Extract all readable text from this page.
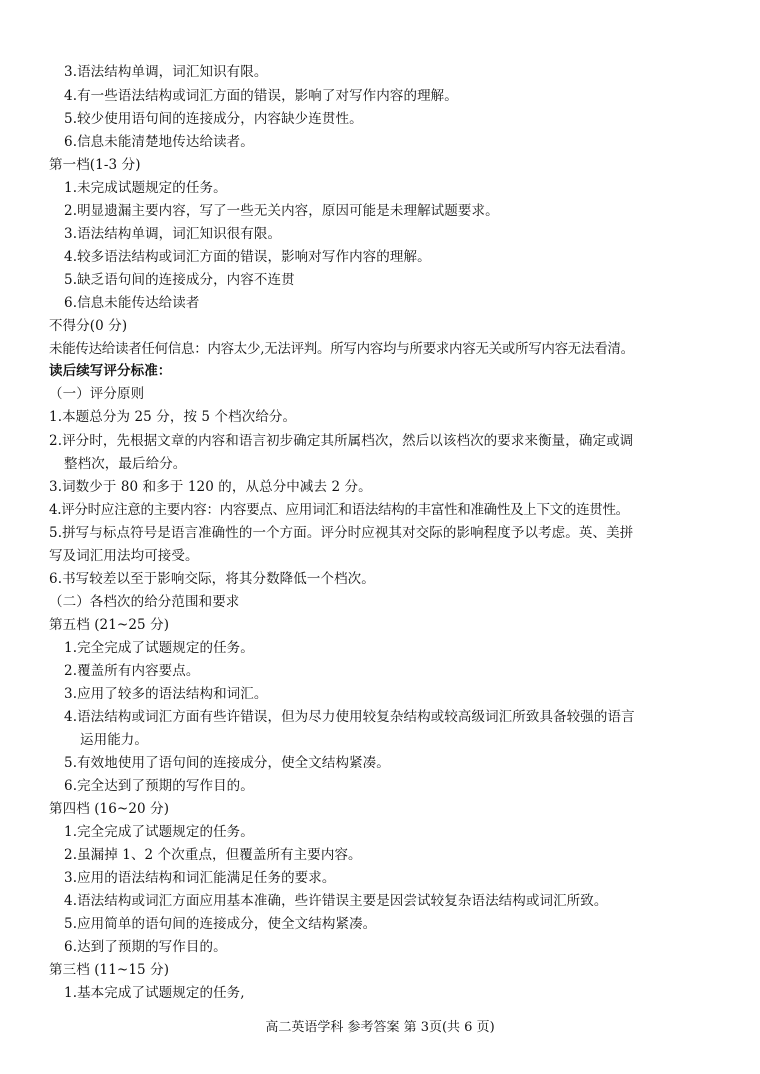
3.语法结构单调，词汇知识有限。
4.有一些语法结构或词汇方面的错误，影响了对写作内容的理解。
5.较少使用语句间的连接成分，内容缺少连贯性。
6.信息未能清楚地传达给读者。
第一档(1-3 分)
1.未完成试题规定的任务。
2.明显遗漏主要内容，写了一些无关内容，原因可能是未理解试题要求。
3.语法结构单调，词汇知识很有限。
4.较多语法结构或词汇方面的错误，影响对写作内容的理解。
5.缺乏语句间的连接成分，内容不连贯
6.信息未能传达给读者
不得分(0 分)
未能传达给读者任何信息：内容太少,无法评判。所写内容均与所要求内容无关或所写内容无法看清。
读后续写评分标准：
（一）评分原则
1.本题总分为 25 分，按 5 个档次给分。
2.评分时，先根据文章的内容和语言初步确定其所属档次，然后以该档次的要求来衡量，确定或调
整档次，最后给分。
3.词数少于 80 和多于 120 的，从总分中减去 2 分。
4.评分时应注意的主要内容：内容要点、应用词汇和语法结构的丰富性和准确性及上下文的连贯性。
5.拼写与标点符号是语言准确性的一个方面。评分时应视其对交际的影响程度予以考虑。英、美拼
写及词汇用法均可接受。
6.书写较差以至于影响交际，将其分数降低一个档次。
（二）各档次的给分范围和要求
第五档 (21~25 分)
1.完全完成了试题规定的任务。
2.覆盖所有内容要点。
3.应用了较多的语法结构和词汇。
4.语法结构或词汇方面有些许错误，但为尽力使用较复杂结构或较高级词汇所致具备较强的语言
运用能力。
5.有效地使用了语句间的连接成分，使全文结构紧凑。
6.完全达到了预期的写作目的。
第四档 (16~20 分)
1.完全完成了试题规定的任务。
2.虽漏掉 1、2 个次重点，但覆盖所有主要内容。
3.应用的语法结构和词汇能满足任务的要求。
4.语法结构或词汇方面应用基本准确，些许错误主要是因尝试较复杂语法结构或词汇所致。
5.应用简单的语句间的连接成分，使全文结构紧凑。
6.达到了预期的写作目的。
第三档 (11~15 分)
1.基本完成了试题规定的任务,
高二英语学科 参考答案 第 3页(共 6 页)
